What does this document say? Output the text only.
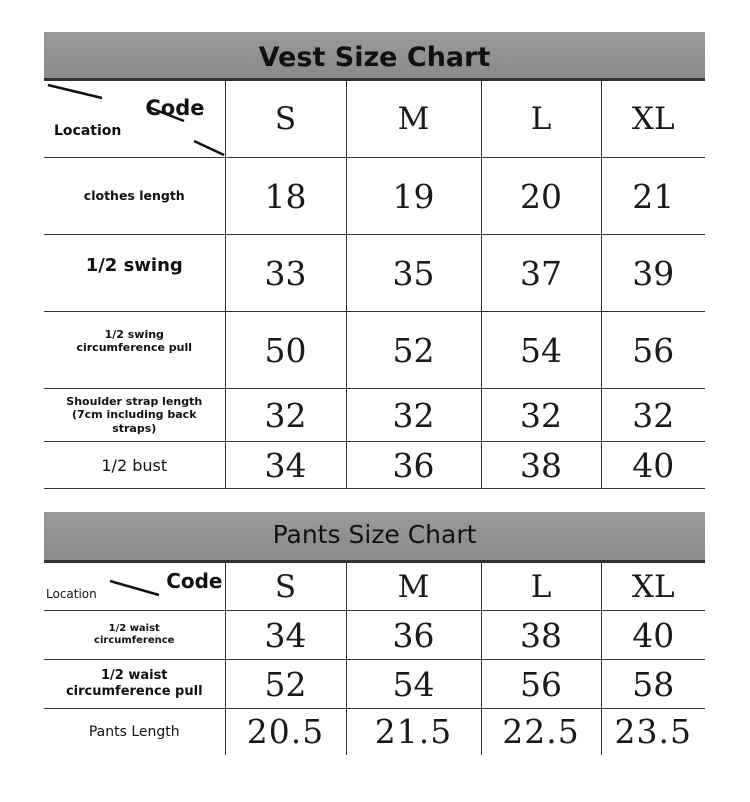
Vest Size Chart
Code
Location	S	M	L	XL
clothes length	18	19	20	21
1/2 swing	33	35	37	39
1/2 swing circumference pull	50	52	54	56
Shoulder strap length (7cm including back straps)	32	32	32	32
1/2 bust	34	36	38	40
Pants Size Chart
Code
Location	S	M	L	XL
1/2 waist circumference	34	36	38	40
1/2 waist circumference pull	52	54	56	58
Pants Length	20.5	21.5	22.5	23.5
